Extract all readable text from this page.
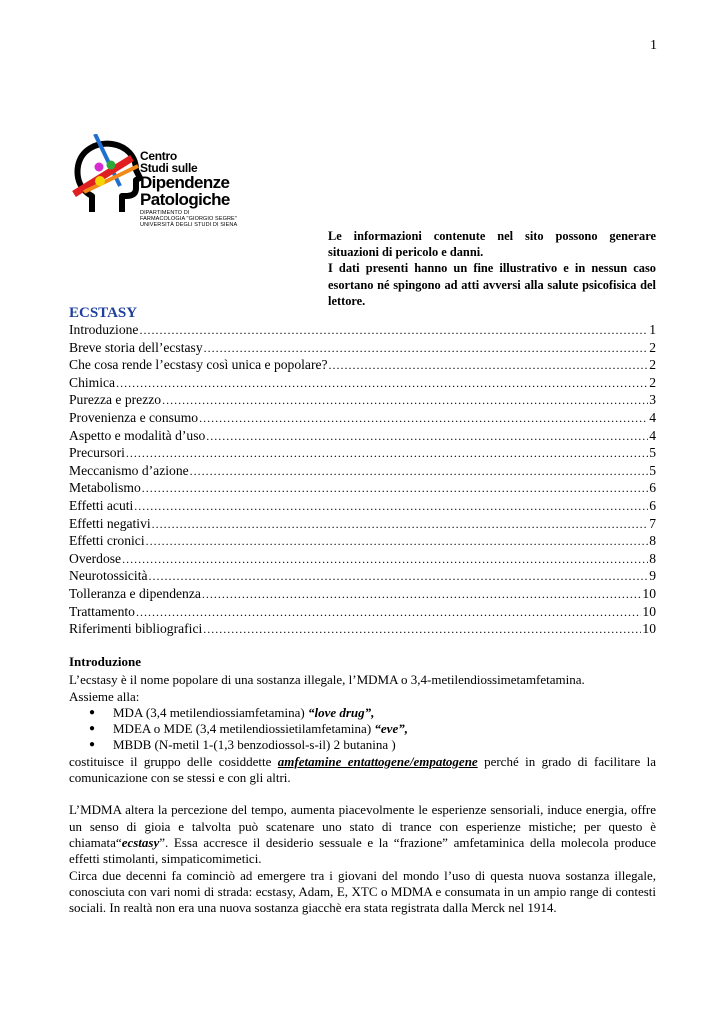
1
Centro
Studi sulle
Dipendenze
Patologiche
DIPARTIMENTO DI
FARMACOLOGIA "GIORGIO SEGRE"
UNIVERSITÀ DEGLI STUDI DI SIENA

Le informazioni contenute nel sito possono generare situazioni di pericolo e danni.

I dati presenti hanno un fine illustrativo e in nessun caso esortano né spingono ad atti avversi alla salute psicofisica del lettore.

ECSTASY
Introduzione .....	1
Breve storia dell’ecstasy .....	2
Che cosa rende l’ecstasy così unica e popolare? .....	2
Chimica .....	2
Purezza e prezzo .....	3
Provenienza e consumo .....	4
Aspetto e modalità d’uso .....	4
Precursori .....	5
Meccanismo d’azione .....	5
Metabolismo .....	6
Effetti acuti .....	6
Effetti negativi .....	7
Effetti cronici .....	8
Overdose .....	8
Neurotossicità .....	9
Tolleranza e dipendenza .....	10
Trattamento .....	10
Riferimenti bibliografici .....	10

Introduzione

L’ecstasy è il nome popolare di una sostanza illegale, l’MDMA o 3,4-metilendiossimetamfetamina.

Assieme alla:

●	MDA (3,4 metilendiossiamfetamina) “love drug”,
●	MDEA o MDE (3,4 metilendiossietilamfetamina) “eve”,
●	MBDB (N-metil 1-(1,3 benzodiossol-s-il) 2 butanina )

costituisce il gruppo delle cosiddette amfetamine entattogene/empatogene perché in grado di facilitare la comunicazione con se stessi e con gli altri.

L’MDMA altera la percezione del tempo, aumenta piacevolmente le esperienze sensoriali, induce energia, offre un senso di gioia e talvolta può scatenare uno stato di trance con esperienze mistiche; per questo è chiamata“ecstasy”. Essa accresce il desiderio sessuale e la “frazione” amfetaminica della molecola produce effetti stimolanti, simpaticomimetici.

Circa due decenni fa cominciò ad emergere tra i giovani del mondo l’uso di questa nuova sostanza illegale, conosciuta con vari nomi di strada: ecstasy, Adam, E, XTC o MDMA e consumata in un ampio range di contesti sociali. In realtà non era una nuova sostanza giacchè era stata registrata dalla Merck nel 1914.
